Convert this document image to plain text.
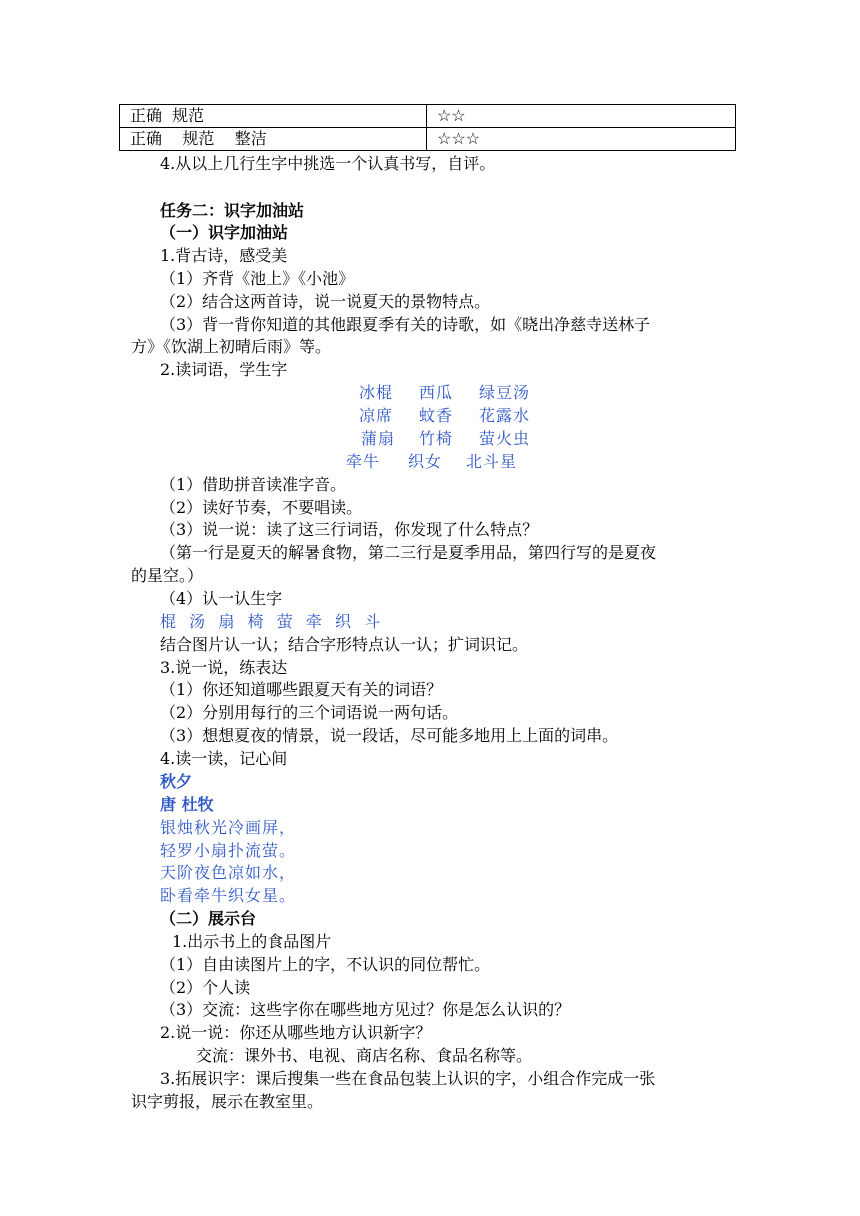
正确  规范	☆☆
正确    规范    整洁	☆☆☆
4.从以上几行生字中挑选一个认真书写，自评。
任务二：识字加油站
（一）识字加油站
1.背古诗，感受美
（1）齐背《池上》《小池》
（2）结合这两首诗，说一说夏天的景物特点。
（3）背一背你知道的其他跟夏季有关的诗歌，如《晓出净慈寺送林子
方》《饮湖上初晴后雨》等。
2.读词语，学生字
冰棍 西瓜 绿豆汤
凉席 蚊香 花露水
蒲扇 竹椅 萤火虫
牵牛 织女 北斗星
（1）借助拼音读准字音。
（2）读好节奏，不要唱读。
（3）说一说：读了这三行词语，你发现了什么特点？
（第一行是夏天的解暑食物，第二三行是夏季用品，第四行写的是夏夜
的星空。）
（4）认一认生字
棍  汤  扇  椅  萤  牵  织  斗
结合图片认一认；结合字形特点认一认；扩词识记。
3.说一说，练表达
（1）你还知道哪些跟夏天有关的词语？
（2）分别用每行的三个词语说一两句话。
（3）想想夏夜的情景，说一段话，尽可能多地用上上面的词串。
4.读一读，记心间
秋夕
唐 杜牧
银烛秋光冷画屏，
轻罗小扇扑流萤。
天阶夜色凉如水，
卧看牵牛织女星。
（二）展示台
1.出示书上的食品图片
（1）自由读图片上的字，不认识的同位帮忙。
（2）个人读
（3）交流：这些字你在哪些地方见过？你是怎么认识的？
2.说一说：你还从哪些地方认识新字？
交流：课外书、电视、商店名称、食品名称等。
3.拓展识字：课后搜集一些在食品包装上认识的字，小组合作完成一张
识字剪报，展示在教室里。
